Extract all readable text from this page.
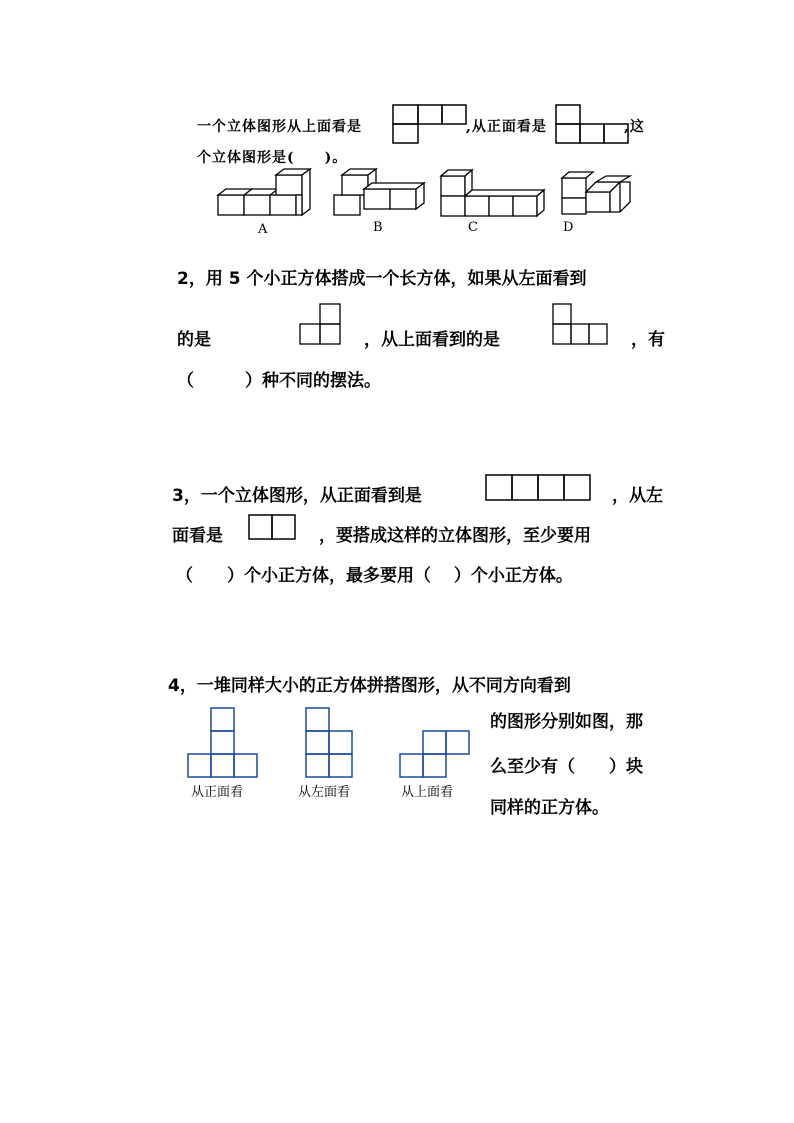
一个立体图形从上面看是	,从正面看是	,这
个立体图形是(　　)。
A	B	C	D
2，用 5 个小正方体搭成一个长方体，如果从左面看到
的是	，从上面看到的是	，有
（　　　）种不同的摆法。
3，一个立体图形，从正面看到是	，从左
面看是	，要搭成这样的立体图形，至少要用
（　　）个小正方体，最多要用（　 ）个小正方体。
4，一堆同样大小的正方体拼搭图形，从不同方向看到
从正面看	从左面看	从上面看
的图形分别如图，那
么至少有（　　）块
同样的正方体。
